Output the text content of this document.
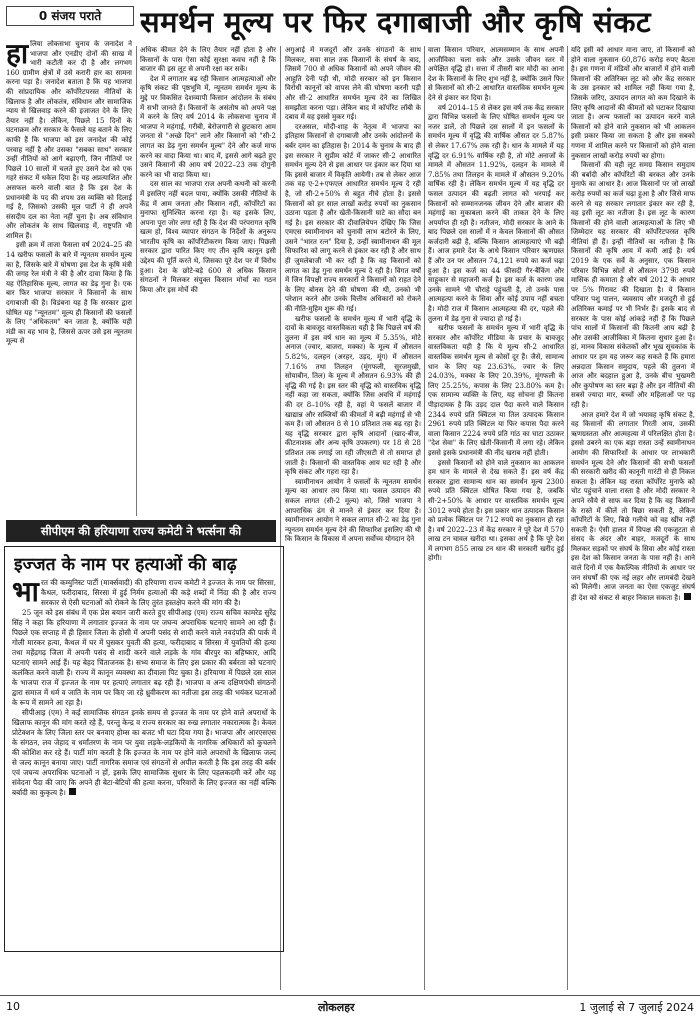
0 संजय पराते	समर्थन मूल्य पर फिर दगाबाजी और कृषि संकट

हालिया लोकसभा चुनाव के जनादेश ने भाजपा और एनडीए दोनों की साख में भारी कटौती कर दी है और लगभग 160 ग्रामीण क्षेत्रों में उसे करारी हार का सामना करना पड़ा है। जनादेश बताता है कि यह भाजपा की सांप्रदायिक और कॉर्पोरेटपरस्त नीतियों के खिलाफ है और लोकतंत्र, संविधान और सामाजिक न्याय से खिलवाड़ करने की इजाजत देने के लिए तैयार नहीं है। लेकिन, पिछले 15 दिनों के घटनाक्रम और सरकार के फैसले यह बताने के लिए काफी हैं कि भाजपा को इस जनादेश की कोई परवाह नहीं है और उसका "सबका साथ" सरकार उन्हीं नीतियों को आगे बढ़ाएगी, जिन नीतियों पर पिछले 10 सालों में चलते हुए उसने देश को एक गहरे संकट में धकेल दिया है। यह अप्रत्याशित और असफल करने वाली बात है कि इस देश के प्रधानमंत्री के पद की शपथ उस व्यक्ति को दिलाई गई है, जिसको उसकी मूल पार्टी ने ही अपने संसदीय दल का नेता नहीं चुना है। अब संविधान और लोकतंत्र के साथ खिलवाड़ में, राष्ट्रपति भी शामिल हैं।

इसी क्रम में ताजा फैसला वर्ष 2024–25 की 14 खरीफ फसलों के बारे में न्यूनतम समर्थन मूल्य का है, जिसके बारे में घोषणा इस देश के कृषि मंत्री की जगह रेल मंत्री ने की है और दावा किया है कि यह ऐतिहासिक मूल्य, लागत का डेढ़ गुना है। एक बार फिर भाजपा सरकार ने किसानों के साथ दगाबाजी की है। विडंबना यह है कि सरकार द्वारा घोषित यह "न्यूनतम" मूल्य ही किसानों की फसलों के लिए "अधिकतम" बन जाता है, क्योंकि यही मंडी का वह भाव है, जिससे ऊपर उसे इस न्यूनतम मूल्य से

अधिक कीमत देने के लिए तैयार नहीं होता है और किसानों के पास ऐसा कोई सुरक्षा कवच नहीं है कि बाजार की इस लूट से अपनी रक्षा कर सकें।

देश में लगातार बढ़ रही किसान आत्महत्याओं और कृषि संकट की पृष्ठभूमि में, न्यूनतम समर्थन मूल्य के मुद्दे पर विकसित देशव्यापी किसान आंदोलन के संबंध में सभी जानते हैं। किसानों के असंतोष को अपने पक्ष में करने के लिए वर्ष 2014 के लोकसभा चुनाव में भाजपा ने महंगाई, गरीबी, बेरोजगारी से छुटकारा आम जनता से "अच्छे दिन" लाने और किसानों को "सी-2 लागत का डेढ़ गुना समर्थन मूल्य" देने और कर्ज माफ करने का वादा किया था। बाद में, इससे आगे बढ़ते हुए उसने किसानों की आय वर्ष 2022–23 तक दोगुनी करने का भी वादा किया था।

दस साल का भाजपा राज अपनी कथनी को करनी में इसलिए नहीं बदल पाया, क्योंकि उसकी नीतियों के केंद्र में आम जनता और किसान नहीं, कॉर्पोरेटों का मुनाफा सुनिश्चित करना रहा है। यह इसके लिए, अपना पूरा जोर लगा रही है कि देश की परंपरागत कृषि खत्म हो, विश्व व्यापार संगठन के निर्देशों के अनुरूप भारतीय कृषि का कॉर्पोरेटीकरण किया जाए। पिछली सरकार द्वारा पारित किए गए तीन कृषि कानून इसी उद्देश्य की पूर्ति करते थे, जिसका पूरे देश पर में विरोध हुआ। देश के छोटे-बड़े 600 से अधिक किसान संगठनों ने मिलकर संयुक्त किसान मोर्चा का गठन किया और इस मोर्चे की

अगुआई में मजदूरों और उनके संगठनों के साथ मिलकर, सवा साल तक किसानों के संघर्ष के बाद, जिसमें 700 से अधिक किसानों को अपने जीवन की आहुति देनी पड़ी थी, मोदी सरकार को इन किसान विरोधी कानूनों को वापस लेने की घोषणा करनी पड़ी और सी-2 आधारित समर्थन मूल्य देने का लिखित समझौता करना पड़ा। लेकिन बाद में कॉर्पोरेट लॉबी के दबाव में वह इससे मुकर गई।

दरअसल, मोदी-शाह के नेतृत्व में भाजपा का इतिहास किसानों से दगाबाजी और उनके आंदोलनों के बर्बर दमन का इतिहास है। 2014 के चुनाव के बाद ही इस सरकार ने सुप्रीम कोर्ट में जाकर सी-2 आधारित समर्थन मूल्य देने से इस आधार पर इंकार कर दिया था कि इससे बाजार में विकृति आयेगी। तब से लेकर आज तक वह ए-2+एफएल आधारित समर्थन मूल्य दे रही है, जो सी-2+50% से बहुत नीचे होता है। इससे किसानों को हर साल लाखों करोड़ रुपयों का नुकसान उठाना पड़ता है और खेती-किसानी घाटे का सौदा बन गई है। इस सरकार की दीवालियेपन देखिए कि जिस एमएस स्वामीनाथन को चुनावी लाभ बटोरने के लिए, उसने "भारत रत्न" दिया है, उन्हीं स्वामीनाथन की मूल सिफारिश को लागू करने से इंकार कर रही है और साथ ही जुमलेबाजी भी कर रही है कि वह किसानों को लागत का डेढ़ गुना समर्थन मूल्य दे रही है। विगत वर्षों में जिन विपक्षी राज्य सरकारों ने किसानों को राहत देने के लिए बोनस देने की घोषणा की थी, उनको भी परेशान करने और उनके वित्तीय अधिकारों को रोकने की नीति-मुहिम शुरू की गई।

खरीफ फसलों के समर्थन मूल्य में भारी वृद्धि के दावों के बावजूद वास्तविकता यही है कि पिछले वर्ष की तुलना में इस वर्ष धान का मूल्य में 5.35%, मोटे अनाज (ज्वार, बाजरा, मक्का) के मूल्य में औसतन 5.82%, दलहन (अरहर, उड़द, मूंग) में औसतन 7.16% तथा तिलहन (मूंगफली, सूरजमुखी, सोयाबीन, तिल) के मूल्य में औसतन 6.93% की ही वृद्धि की गई है। इस स्तर की वृद्धि को वास्तविक वृद्धि नहीं कहा जा सकता, क्योंकि जिस अवधि में महंगाई की दर 8–10% रही है, वहां ये फसलें बाजार में खाद्यान्न और सब्जियों की कीमतों में बढ़ी महंगाई से भी कम हैं। जो औसतन 8 से 10 प्रतिशत तक बढ़ रहा है। यह वृद्धि सरकार द्वारा कृषि आदानों (खाद-बीज, कीटनाशक और अन्य कृषि उपकरण) पर 18 से 28 प्रतिशत तक लगाई जा रही जीएसटी से तो समाप्त हो जाती है। किसानों की वास्तविक आय घट रही है और कृषि संकट और गहरा रहा है।

स्वामीनाथन आयोग ने फसलों के न्यूनतम समर्थन मूल्य का आधार तय किया था। फसल उत्पादन की सकल लागत (सी-2 मूल्य) को, जिसे भाजपा ने आपराधिक ढंग से मानने से इंकार कर दिया है। स्वामीनाथन आयोग ने सकल लागत सी-2 का डेढ़ गुना न्यूनतम समर्थन मूल्य देने की सिफारिश इसलिए की थी कि किसान के विकास में अपना सर्वोच्च योगदान देने

वाला किसान परिवार, आत्मसम्मान के साथ अपनी आजीविका चला सके और उसके जीवन स्तर में अपेक्षित वृद्धि हो। सत्ता में तीसरी बार मोदी का आना देश के किसानों के लिए शुभ नहीं है, क्योंकि उसने फिर से किसानों को सी-2 आधारित वास्तविक समर्थन मूल्य देने से इंकार कर दिया है।

वर्ष 2014–15 से लेकर इस वर्ष तक केंद्र सरकार द्वारा विभिन्न फसलों के लिए घोषित समर्थन मूल्य पर नजर डालें, तो पिछले दस सालों में इन फसलों के समर्थन मूल्य में वृद्धि की वार्षिक औसत दर 5.87% से लेकर 17.67% तक रही है। धान के मामले में यह वृद्धि दर 6.91% वार्षिक रही है, तो मोटे अनाजों के मामले में औसतन 11.92%, दलहन के मामले में 7.85% तथा तिलहन के मामले में औसतन 9.20% वार्षिक रही है। लेकिन समर्थन मूल्य में यह वृद्धि दर फसल उत्पादन की बढ़ती लागत को भरपाई कर किसानों को सम्मानजनक जीवन देने और बाजार की महंगाई का मुकाबला करने की ताकत देने के लिए अपर्याप्त ही रही है। नतीजन, मोदी सरकार के आने के बाद पिछले दस सालों में न केवल किसानों की औसत कर्जदारी बढ़ी है, बल्कि किसान आत्महत्याएं भी बढ़ी हैं। आज हमारे देश के आधे किसान परिवार ऋणग्रस्त हैं और उन पर औसतन 74,121 रुपये का कर्ज चढ़ा हुआ है। इस कर्ज का 44 फीसदी गैर-बैंकिंग और साहूकार से महाजनी कर्ज है। इस कर्ज के कारण जब उनके सामने भी चौराहे पहुंचती है, तो उनके पास आत्महत्या करने के सिवा और कोई उपाय नहीं बचता है। मोदी राज में किसान आत्महत्या की दर, पहले की तुलना में डेढ़ गुना से ज्यादा हो गई है।

खरीफ फसलों के समर्थन मूल्य में भारी वृद्धि के सरकार और कॉर्पोरेट मीडिया के प्रचार के बावजूद वास्तविकता यही है कि ये मूल्य सी-2 आधारित वास्तविक समर्थन मूल्य से कोसों दूर हैं। जैसे, सामान्य धान के लिए यह 23.63%, ज्वार के लिए 24.03%, मक्का के लिए 20.39%, मूंगफली के लिए 25.25%, कपास के लिए 23.80% कम है। एक सामान्य व्यक्ति के लिए, यह सोचना ही कितना पीड़ादायक है कि उड़द दाल पैदा करने वाले किसान 2344 रुपये प्रति क्विंटल या तिल उत्पादक किसान 2961 रुपये प्रति क्विंटल या फिर कपास पैदा करने वाला किसान 2224 रुपये प्रति गांठ का घाटा उठाकर "देश सेवा" के लिए खेती-किसानी में लगा रहे। लेकिन इससे इसके प्रधानमंत्री की नींद खराब नहीं होती।

इससे किसानों को होने वाले नुकसान का आकलन हम धान के मामले से देख सकते हैं। इस वर्ष केंद्र सरकार द्वारा सामान्य धान का समर्थन मूल्य 2300 रुपये प्रति क्विंटल घोषित किया गया है, जबकि सी-2+50% के आधार पर वास्तविक समर्थन मूल्य 3012 रुपये होता है। इस प्रकार धान उत्पादक किसान को प्रत्येक क्विंटल पर 712 रुपये का नुकसान हो रहा है। वर्ष 2022–23 में केंद्र सरकार ने पूरे देश में 570 लाख टन चावल खरीदा था। इसका अर्थ है कि पूरे देश में लगभग 855 लाख टन धान की सरकारी खरीद हुई होगी।

यदि इसी को आधार माना जाए, तो किसानों को होने वाला नुकसान 60,876 करोड़ रुपए बैठता है। इस गणना में मंडियों और बाजारों में होने वाली किसानों की अतिरिक्त लूट को और केंद्र सरकार के उस इनकार को शामिल नहीं किया गया है, जिसके जरिए, उत्पादन लागत को कम दिखाने के लिए कृषि आदानों की कीमतों को घटाकर दिखाया जाता है। अन्य फसलों का उत्पादन करने वाले किसानों को होने वाले नुकसान को भी आकलन इसी प्रकार किया जा सकता है और इस सबको गणना में शामिल करने पर किसानों को होने वाला नुकसान लाखों करोड़ रुपयों का होगा।

किसानों की यही लूट समग्र किसान समुदाय की बर्बादी और कॉर्पोरेटों की बरकत और उनके मुनाफे का आधार है। आज किसानों पर जो लाखों करोड़ रुपयों का कर्ज चढ़ा हुआ है और जिसे माफ करने से यह सरकार लगातार इंकार कर रही है, वह इसी लूट का नतीजा है। इस लूट के कारण किसानों की होने वाली आत्महत्याओं के लिए भी जिम्मेदार यह सरकार की कॉर्पोरेटपरस्त कृषि नीतियां ही हैं। इन्हीं नीतियों का नतीजा है कि किसानों की कृषि आय में कमी आई है। वर्ष 2019 के एक सर्वे के अनुसार, एक किसान परिवार विभिन्न स्रोतों से औसतन 3798 रुपये मासिक ही कमाता है और वर्ष 2012 के आधार पर 5% गिरावट की दिखाता है। ये किसान परिवार पशु पालन, व्यवसाय और मजदूरी से हुई अतिरिक्त कमाई पर भी निर्भर हैं। इसके बाद से सरकार के पास कोई आंकड़े नहीं हैं कि पिछले पांच सालों में किसानों की कितनी आय बढ़ी है और उसकी आजीविका में कितना सुधार हुआ है। हां, मानव विकास संकेतकों और भूख सूचकांक के आधार पर हम यह जरूर कह सकते हैं कि हमारा अन्नदाता किसान समुदाय, पहले की तुलना में आज और बदहाल हुआ है, उनके बीच भुखमरी और कुपोषण का स्तर बढ़ा है और इन नीतियों की सबसे ज्यादा मार, बच्चों और महिलाओं पर पड़ रही है।

आज हमारे देश में जो भयावह कृषि संकट है, वह किसानों की लगातार गिरती आय, उसकी ऋणग्रस्तता और आत्महत्या में परिलक्षित होता है। इससे उबरने का एक बड़ा रास्ता उन्हें स्वामीनाथन आयोग की सिफारिशों के आधार पर लाभकारी समर्थन मूल्य देने और किसानों की सभी फसलों की सरकारी खरीद की कानूनी गारंटी से ही निकल सकता है। लेकिन यह रास्ता कॉर्पोरेट मुनाफे को चोट पहुंचाने वाला रास्ता है और मोदी सरकार ने अपने रवैये से साफ कर दिया है कि वह किसानों के रास्ते में कीलें तो बिछा सकती है, लेकिन कॉर्पोरेटों के लिए, बिछे गलीचे को वह खींच नहीं सकती है। ऐसी हालत में विपक्ष की एकजुटता से संसद के अंदर और बाहर, मजदूरों के साथ मिलकर सड़कों पर संघर्ष के सिवा और कोई रास्ता इस देश को किसान जनता के पास नहीं है। आने वाले दिनों में एक वैकल्पिक नीतियों के आधार पर जन संघर्षों की एक नई लहर और लामबंदी देखने को मिलेगी। आज जनता का ऐसा एकजुट संघर्ष ही देश को संकट से बाहर निकाल सकता है।

सीपीएम की हरियाणा राज्य कमेटी ने भर्त्सना की
इज्जत के नाम पर हत्याओं की बाढ़

भारत की कम्युनिस्ट पार्टी (मार्क्सवादी) की हरियाणा राज्य कमेटी ने इज्जत के नाम पर सिरसा, कैथल, फरीदाबाद, सिरसा में हुई निर्मम हत्याओं की कड़े शब्दों में निंदा की है और राज्य सरकार से ऐसी घटनाओं को रोकने के लिए तुरंत हस्तक्षेप करने की मांग की है।

25 जून को इस संबंध में एक प्रेस बयान जारी करते हुए सीपीआइ (एम) राज्य सचिव कामरेड सुरेंद्र सिंह ने कहा कि हरियाणा में लगातार इज्जत के नाम पर जघन्य अपराधिक घटनाएं सामने आ रही हैं। पिछले एक सप्ताह में ही हिसार जिला के होसी में अपनी पसंद से शादी करने वाले नवदंपति की पार्क में गोली मारकर हत्या, कैथल में घर में घुसकर युवती की हत्या, फरीदाबाद व सिरसा में युवतियों की हत्या तथा महेंद्रगढ़ जिला में अपनी पसंद से शादी करने वाले लड़के के गांव बीरपुर का बहिष्कार, आदि घटनाएं सामने आई हैं। यह बेहद चिंताजनक है। सभ्य समाज के लिए इस प्रकार की बर्बरता को घटनाएं कलंकित करने वाली हैं। राज्य में कानून व्यवस्था का दीवाला पिट चुका है। हरियाणा में पिछले दस साल के भाजपा राज में इज्जत के नाम पर हत्याएं लगातार बढ़ रही हैं। भाजपा व अन्य दक्षिणपंथी संगठनों द्वारा समाज में धर्म व जाति के नाम पर किए जा रहे ध्रुवीकरण का नतीजा इस तरह की भयंकर घटनाओं के रूप में सामने आ रहा है।

सीपीआइ (एम) ने कई सामाजिक संगठन इनके समय से इज्जत के नाम पर होने वाले अपराधों के खिलाफ कानून की मांग करते रहे हैं, परन्तु केन्द्र व राज्य सरकार का रुख लगातार नकारात्मक है। केवल प्रोटेक्शन के लिए जिला स्तर पर बनवाए होम्स का बजट भी घटा दिया गया है। भाजपा और आरएसएस के संगठन, लव जेहाद व धर्मांतरण के नाम पर युवा लड़के-लड़कियों के नागरिक अधिकारों को कुचलने की कोशिश कर रहे हैं। पार्टी मांग करती है कि इज्जत के नाम पर होने वाले अपराधों के खिलाफ जल्द से जल्द कानून बनाया जाए। पार्टी नागरिक समाज एवं संगठनों से अपील करती है कि इस तरह की बर्बर एवं जघन्य अपराधिक घटनाओं न हों, इसके लिए सामाजिक सुधार के लिए पहलकदमी करें और यह संवेदना पैदा की जाए कि अपने ही बेटा-बेटियों की हत्या करना, परिवारों के लिए इज्जत का नहीं बल्कि बर्बादी का कुकृत्य है।

10	लोकलहर	1 जुलाई से 7 जुलाई 2024
